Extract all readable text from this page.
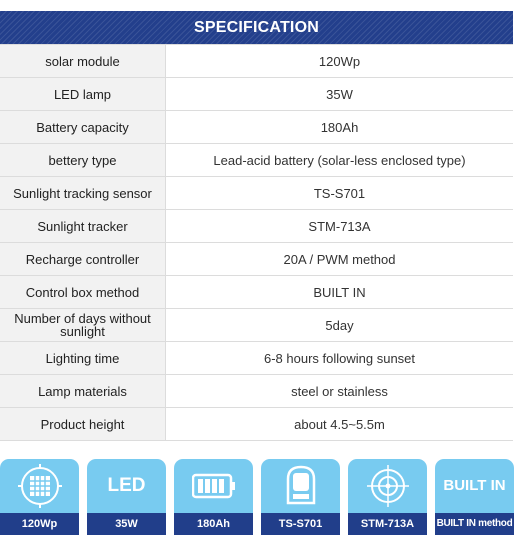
SPECIFICATION
solar module	120Wp
LED lamp	35W
Battery capacity	180Ah
bettery type	Lead-acid battery (solar-less enclosed type)
Sunlight tracking sensor	TS-S701
Sunlight tracker	STM-713A
Recharge controller	20A / PWM method
Control box method	BUILT IN
Number of days without sunlight	5day
Lighting time	6-8 hours following sunset
Lamp materials	steel or stainless
Product height	about 4.5~5.5m
120Wp
LED
35W	180Ah	TS-S701	STM-713A
BUILT IN
BUILT IN method
